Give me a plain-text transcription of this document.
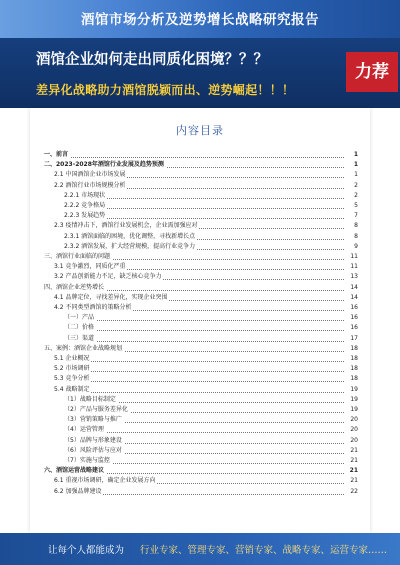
酒馆市场分析及逆势增长战略研究报告
酒馆企业如何走出同质化困境？？？
差异化战略助力酒馆脱颖而出、逆势崛起！！！
力荐
内容目录
一、前言	1
二、2023-2028年酒馆行业发展及趋势预测	1
2.1 中国酒馆企业市场发展	1
2.2 酒馆行业市场规模分析	2
2.2.1 市场现状	2
2.2.2 竞争格局	5
2.2.3 发展趋势	7
2.3 疫情冲击下，酒馆行业发展机会，企业需加强应对	8
2.3.1 酒馆面临的困境，优化调整，寻找新增长点	8
2.3.2 酒馆发展，扩大经营规模，提高行业竞争力	9
三、酒馆行业面临的问题	11
3.1 竞争激烈，同质化严重	11
3.2 产品创新能力不足，缺乏核心竞争力	13
四、酒馆企业逆势增长	14
4.1 品牌定位，寻找差异化，实现企业突围	14
4.2 不同类型酒馆的策略分析	16
（一）产品	16
（二）价格	16
（三）渠道	17
五、案例：酒馆企业战略规划	18
5.1 企业概况	18
5.2 市场调研	18
5.3 竞争分析	18
5.4 战略制定	19
（1）战略目标制定	19
（2）产品与服务差异化	19
（3）营销策略与推广	20
（4）运营管理	20
（5）品牌与形象建设	20
（6）风险评估与应对	21
（7）实施与监控	21
六、酒馆运营战略建议	21
6.1 重视市场调研，确定企业发展方向	21
6.2 加强品牌建设	22
让每个人都能成为 行业专家、管理专家、营销专家、战略专家、运营专家……
